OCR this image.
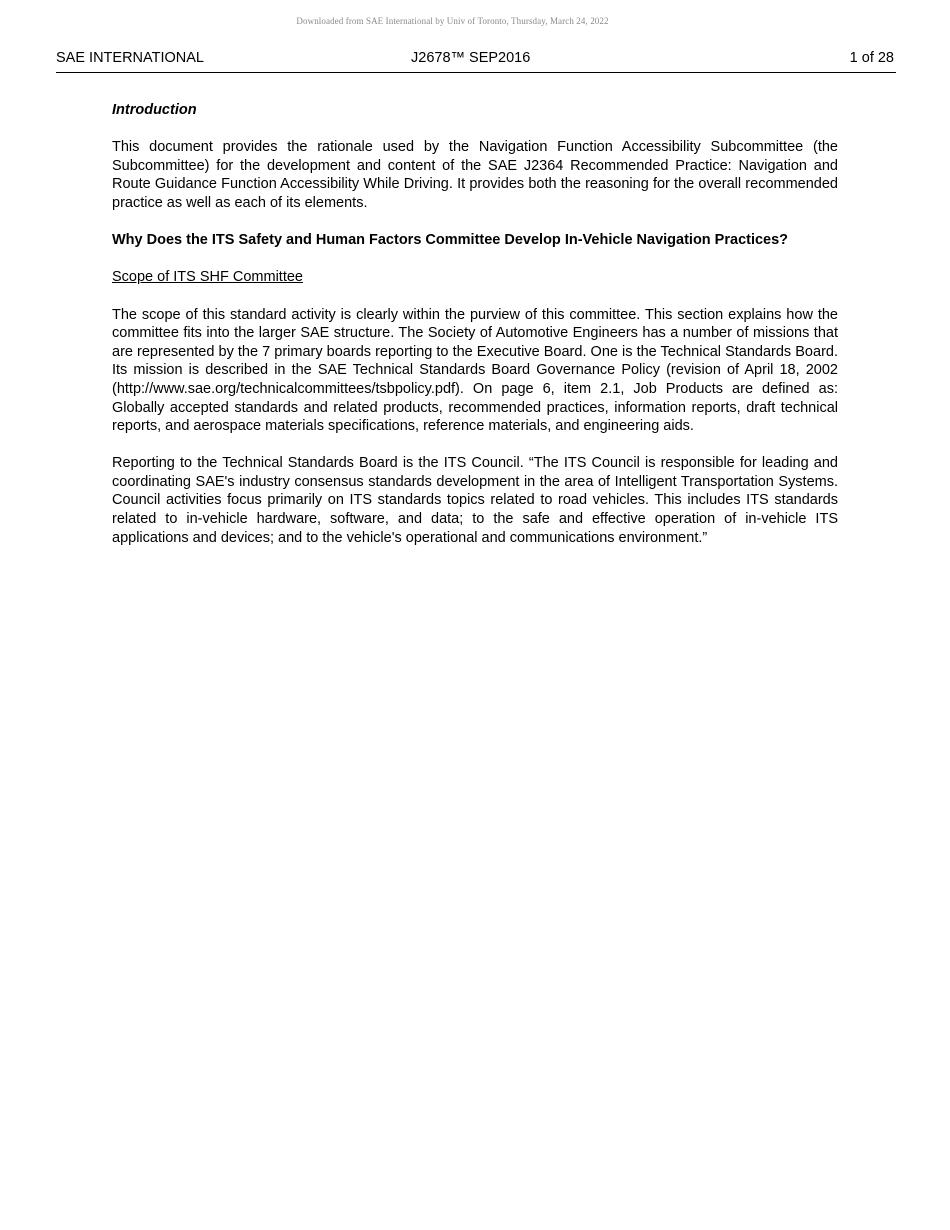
Downloaded from SAE International by Univ of Toronto, Thursday, March 24, 2022
SAE INTERNATIONAL	J2678™ SEP2016	1 of 28

Introduction

This document provides the rationale used by the Navigation Function Accessibility Subcommittee (the Subcommittee) for the development and content of the SAE J2364 Recommended Practice: Navigation and Route Guidance Function Accessibility While Driving. It provides both the reasoning for the overall recommended practice as well as each of its elements.

Why Does the ITS Safety and Human Factors Committee Develop In-Vehicle Navigation Practices?

Scope of ITS SHF Committee

The scope of this standard activity is clearly within the purview of this committee. This section explains how the committee fits into the larger SAE structure. The Society of Automotive Engineers has a number of missions that are represented by the 7 primary boards reporting to the Executive Board. One is the Technical Standards Board. Its mission is described in the SAE Technical Standards Board Governance Policy (revision of April 18, 2002 (http://www.sae.org/technicalcommittees/tsbpolicy.pdf). On page 6, item 2.1, Job Products are defined as: Globally accepted standards and related products, recommended practices, information reports, draft technical reports, and aerospace materials specifications, reference materials, and engineering aids.

Reporting to the Technical Standards Board is the ITS Council. “The ITS Council is responsible for leading and coordinating SAE's industry consensus standards development in the area of Intelligent Transportation Systems. Council activities focus primarily on ITS standards topics related to road vehicles. This includes ITS standards related to in-vehicle hardware, software, and data; to the safe and effective operation of in-vehicle ITS applications and devices; and to the vehicle's operational and communications environment.”
